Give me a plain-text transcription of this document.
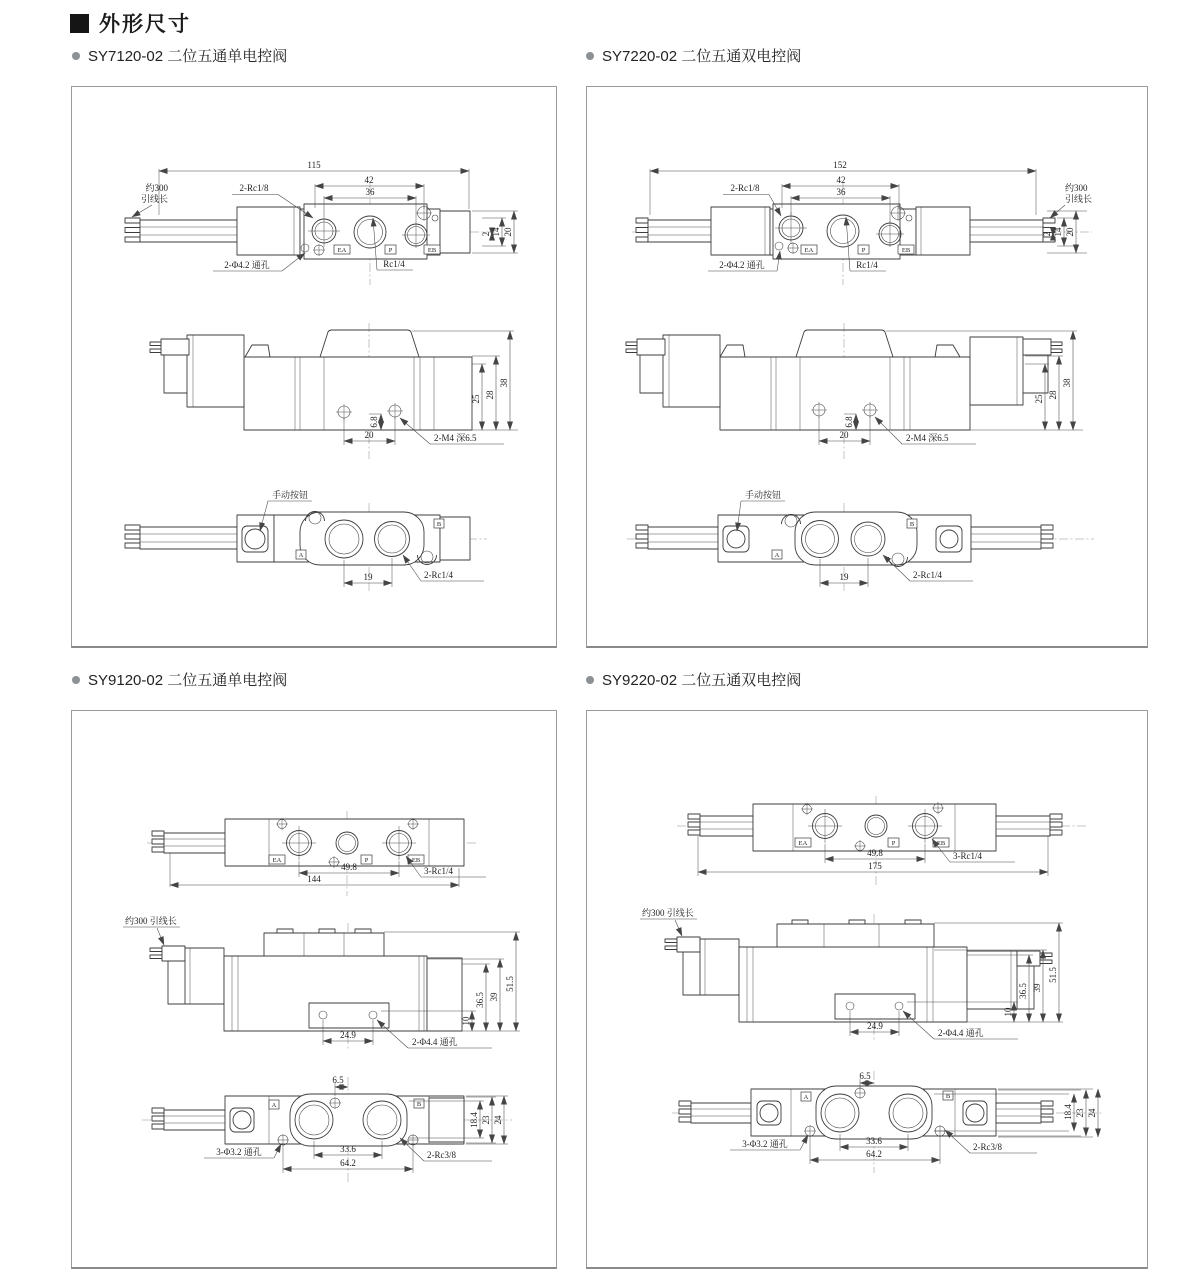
外形尺寸
SY7120-02 二位五通单电控阀	SY7220-02 二位五通双电控阀
SY9120-02 二位五通单电控阀	SY9220-02 二位五通双电控阀
EA	P	EB
115
42
36
2 14 20
约300
引线长
2-Rc1/8
2-Φ4.2 通孔	Rc1/4
20
6.8
2-M4 深6.5
25 28
38
B
A
手动按钮
19	2-Rc1/4
EA	P	EB
152
42
36
2 14 20
约300
引线长
2-Rc1/8
2-Φ4.2 通孔	Rc1/4
20
6.8
2-M4 深6.5
25 28
38
B
A
手动按钮
19	2-Rc1/4
EA	P	EB
49.8
144
3-Rc1/4
约300 引线长
24.9
2-Φ4.4 通孔
10
36.5 39
51.5
A	B
6.5
33.6
64.2
3-Φ3.2 通孔	2-Rc3/8
18.4 23 24
EA	P	EB
49.8
175
3-Rc1/4
约300 引线长
24.9
2-Φ4.4 通孔
10
36.5 39
51.5
A	B
6.5
33.6
64.2
3-Φ3.2 通孔	2-Rc3/8
18.4 23 24
